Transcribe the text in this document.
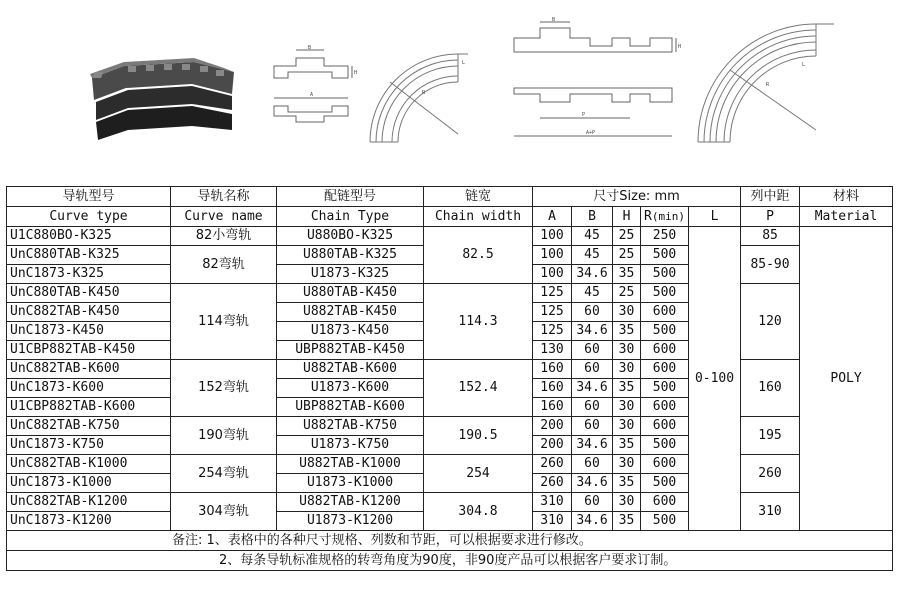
B
H
A	R
L
B
H
P
A+P
R
L
导轨型号	导轨名称	配链型号	链宽	尺寸Size: mm					列中距	材料
Curve type	Curve name	Chain Type	Chain width	A	B	H	R(min)	L	P	Material
U1C880BO-K325	82小弯轨	U880BO-K325	82.5	100	45	25	250	0-100	85	POLY
UnC880TAB-K325	82弯轨	U880TAB-K325		100	45	25	500		85-90	
UnC1873-K325		U1873-K325		100	34.6	35	500			
UnC880TAB-K450	114弯轨	U880TAB-K450	114.3	125	45	25	500		120	
UnC882TAB-K450		U882TAB-K450		125	60	30	600			
UnC1873-K450		U1873-K450		125	34.6	35	500			
U1CBP882TAB-K450		UBP882TAB-K450		130	60	30	600			
UnC882TAB-K600	152弯轨	U882TAB-K600	152.4	160	60	30	600		160	
UnC1873-K600		U1873-K600		160	34.6	35	500			
U1CBP882TAB-K600		UBP882TAB-K600		160	60	30	600			
UnC882TAB-K750	190弯轨	U882TAB-K750	190.5	200	60	30	600		195	
UnC1873-K750		U1873-K750		200	34.6	35	500			
UnC882TAB-K1000	254弯轨	U882TAB-K1000	254	260	60	30	600		260	
UnC1873-K1000		U1873-K1000		260	34.6	35	500			
UnC882TAB-K1200	304弯轨	U882TAB-K1200	304.8	310	60	30	600		310	
UnC1873-K1200		U1873-K1200		310	34.6	35	500			

备注: 1、表格中的各种尺寸规格、列数和节距，可以根据要求进行修改。										

2、每条导轨标准规格的转弯角度为90度，非90度产品可以根据客户要求订制。										
